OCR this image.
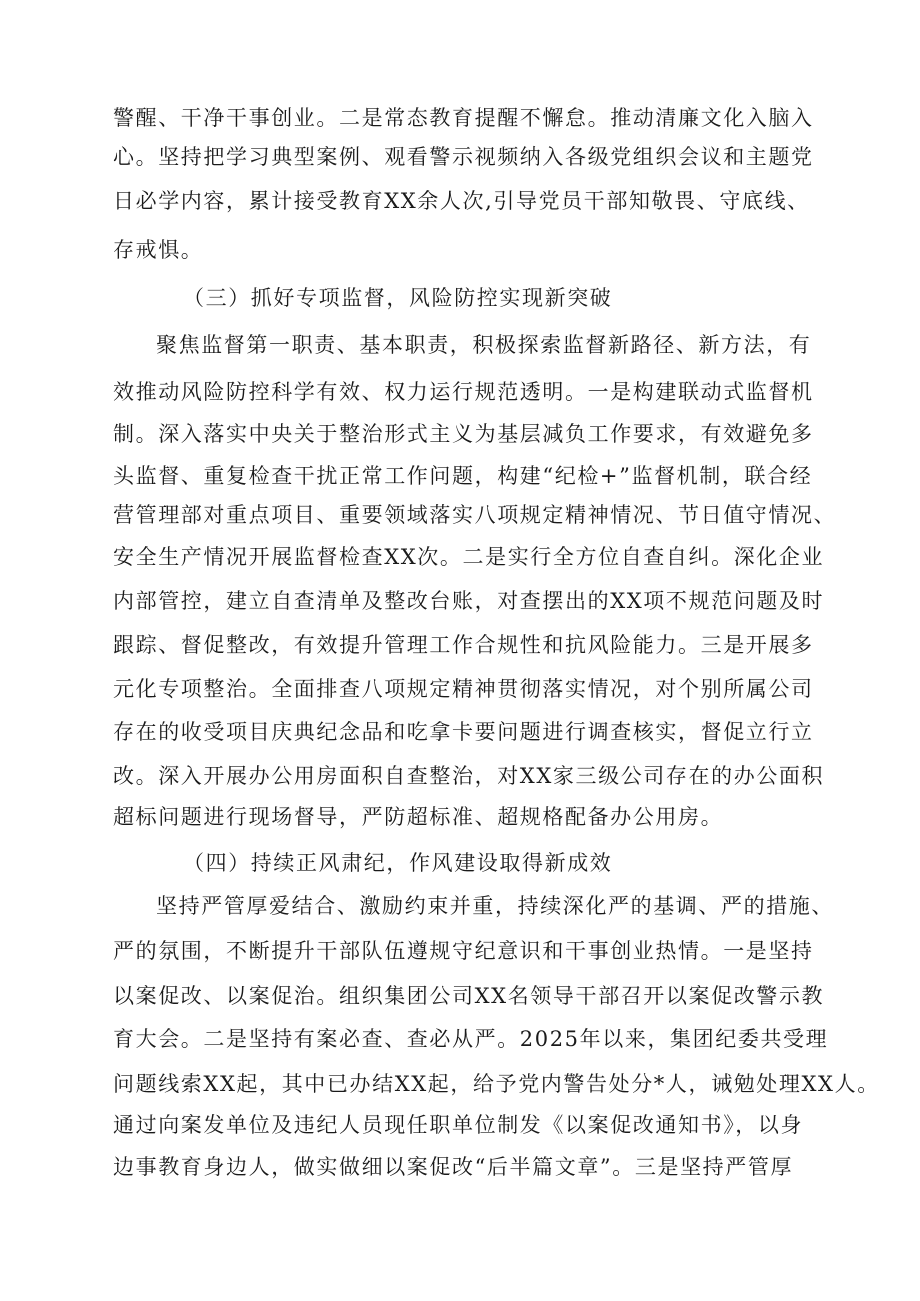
警醒、干净干事创业。二是常态教育提醒不懈怠。推动清廉文化入脑入
心。坚持把学习典型案例、观看警示视频纳入各级党组织会议和主题党
日必学内容，累计接受教育XX余人次,引导党员干部知敬畏、守底线、
存戒惧。
（三）抓好专项监督，风险防控实现新突破
聚焦监督第一职责、基本职责，积极探索监督新路径、新方法，有
效推动风险防控科学有效、权力运行规范透明。一是构建联动式监督机
制。深入落实中央关于整治形式主义为基层减负工作要求，有效避免多
头监督、重复检查干扰正常工作问题，构建“纪检+”监督机制，联合经
营管理部对重点项目、重要领域落实八项规定精神情况、节日值守情况、
安全生产情况开展监督检查XX次。二是实行全方位自查自纠。深化企业
内部管控，建立自查清单及整改台账，对查摆出的XX项不规范问题及时
跟踪、督促整改，有效提升管理工作合规性和抗风险能力。三是开展多
元化专项整治。全面排查八项规定精神贯彻落实情况，对个别所属公司
存在的收受项目庆典纪念品和吃拿卡要问题进行调查核实，督促立行立
改。深入开展办公用房面积自查整治，对XX家三级公司存在的办公面积
超标问题进行现场督导，严防超标准、超规格配备办公用房。
（四）持续正风肃纪，作风建设取得新成效
坚持严管厚爱结合、激励约束并重，持续深化严的基调、严的措施、
严的氛围，不断提升干部队伍遵规守纪意识和干事创业热情。一是坚持
以案促改、以案促治。组织集团公司XX名领导干部召开以案促改警示教
育大会。二是坚持有案必查、查必从严。2025年以来，集团纪委共受理
问题线索XX起，其中已办结XX起，给予党内警告处分*人，诫勉处理XX人。
通过向案发单位及违纪人员现任职单位制发《以案促改通知书》，以身
边事教育身边人，做实做细以案促改“后半篇文章”。三是坚持严管厚
